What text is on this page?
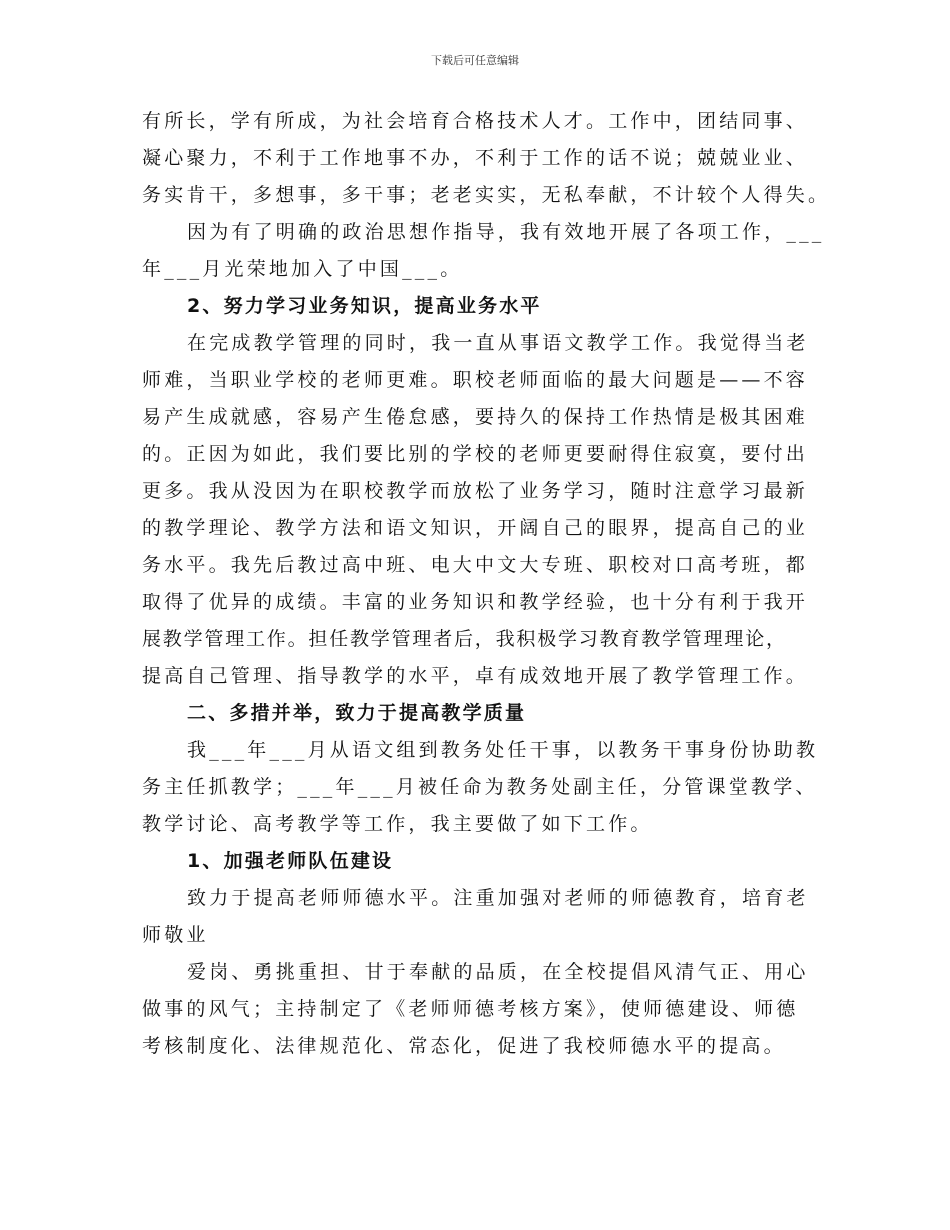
下载后可任意编辑
有所长，学有所成，为社会培育合格技术人才。工作中，团结同事、
凝心聚力，不利于工作地事不办，不利于工作的话不说；兢兢业业、
务实肯干，多想事，多干事；老老实实，无私奉献，不计较个人得失。
因为有了明确的政治思想作指导，我有效地开展了各项工作，___
年___月光荣地加入了中国___。
2、努力学习业务知识，提高业务水平
在完成教学管理的同时，我一直从事语文教学工作。我觉得当老
师难，当职业学校的老师更难。职校老师面临的最大问题是——不容
易产生成就感，容易产生倦怠感，要持久的保持工作热情是极其困难
的。正因为如此，我们要比别的学校的老师更要耐得住寂寞，要付出
更多。我从没因为在职校教学而放松了业务学习，随时注意学习最新
的教学理论、教学方法和语文知识，开阔自己的眼界，提高自己的业
务水平。我先后教过高中班、电大中文大专班、职校对口高考班，都
取得了优异的成绩。丰富的业务知识和教学经验，也十分有利于我开
展教学管理工作。担任教学管理者后，我积极学习教育教学管理理论，
提高自己管理、指导教学的水平，卓有成效地开展了教学管理工作。
二、多措并举，致力于提高教学质量
我___年___月从语文组到教务处任干事，以教务干事身份协助教
务主任抓教学；___年___月被任命为教务处副主任，分管课堂教学、
教学讨论、高考教学等工作，我主要做了如下工作。
1、加强老师队伍建设
致力于提高老师师德水平。注重加强对老师的师德教育，培育老
师敬业
爱岗、勇挑重担、甘于奉献的品质，在全校提倡风清气正、用心
做事的风气；主持制定了《老师师德考核方案》，使师德建设、师德
考核制度化、法律规范化、常态化，促进了我校师德水平的提高。
